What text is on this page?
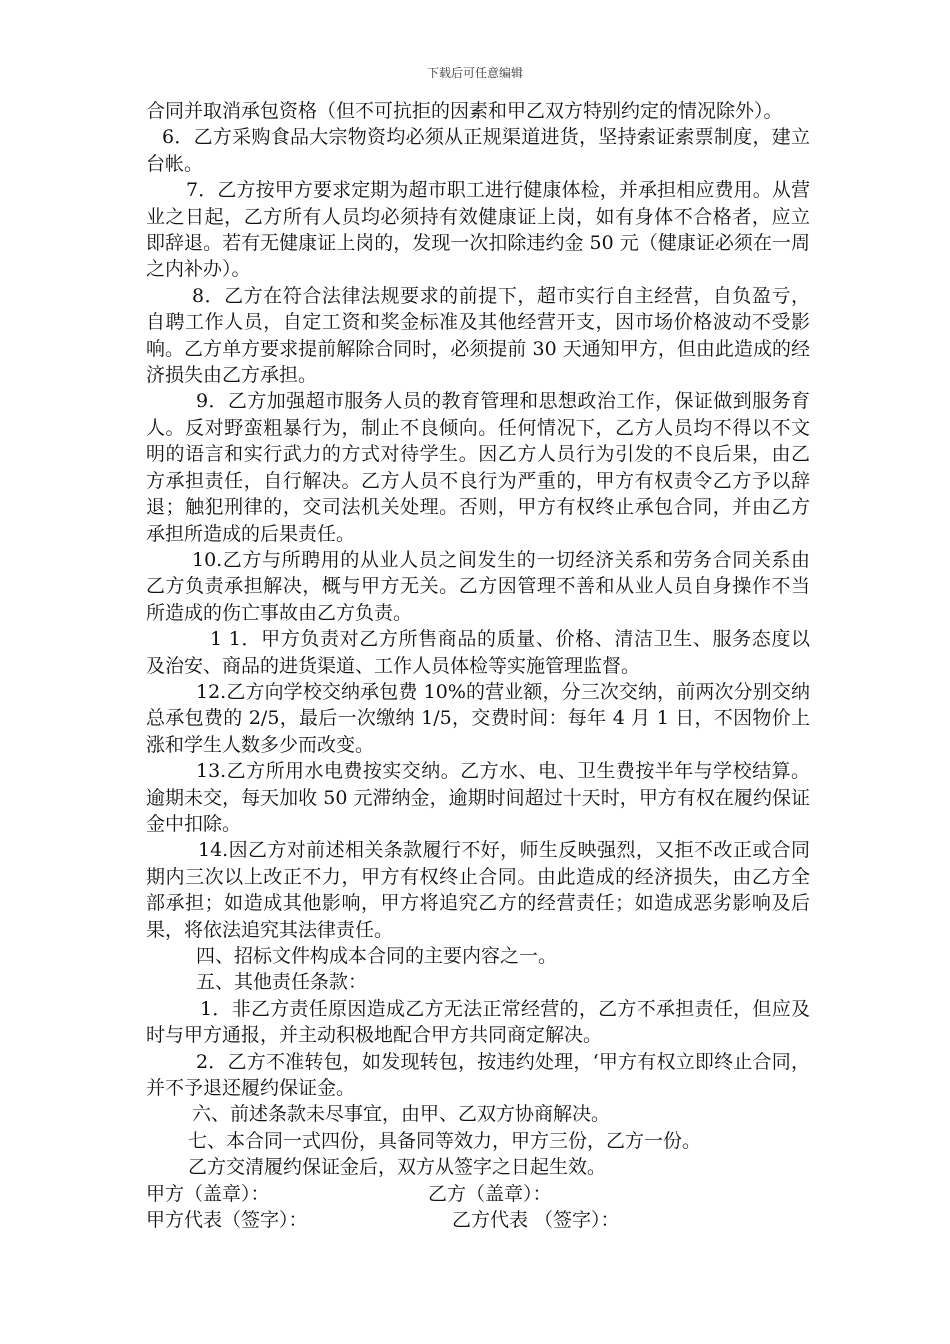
下载后可任意编辑

合同并取消承包资格（但不可抗拒的因素和甲乙双方特别约定的情况除外）。

6．乙方采购食品大宗物资均必须从正规渠道进货，坚持索证索票制度，建立台帐。

7．乙方按甲方要求定期为超市职工进行健康体检，并承担相应费用。从营业之日起，乙方所有人员均必须持有效健康证上岗，如有身体不合格者，应立即辞退。若有无健康证上岗的，发现一次扣除违约金 50 元（健康证必须在一周之内补办）。

8．乙方在符合法律法规要求的前提下，超市实行自主经营，自负盈亏，自聘工作人员，自定工资和奖金标准及其他经营开支，因市场价格波动不受影响。乙方单方要求提前解除合同时，必须提前 30 天通知甲方，但由此造成的经济损失由乙方承担。

9．乙方加强超市服务人员的教育管理和思想政治工作，保证做到服务育人。反对野蛮粗暴行为，制止不良倾向。任何情况下，乙方人员均不得以不文明的语言和实行武力的方式对待学生。因乙方人员行为引发的不良后果，由乙方承担责任，自行解决。乙方人员不良行为严重的，甲方有权责令乙方予以辞退；触犯刑律的，交司法机关处理。否则，甲方有权终止承包合同，并由乙方承担所造成的后果责任。

10.乙方与所聘用的从业人员之间发生的一切经济关系和劳务合同关系由乙方负责承担解决，概与甲方无关。乙方因管理不善和从业人员自身操作不当所造成的伤亡事故由乙方负责。

1 1．甲方负责对乙方所售商品的质量、价格、清洁卫生、服务态度以及治安、商品的进货渠道、工作人员体检等实施管理监督。

12.乙方向学校交纳承包费 10%的营业额，分三次交纳，前两次分别交纳总承包费的 2/5，最后一次缴纳 1/5，交费时间：每年 4 月 1 日，不因物价上涨和学生人数多少而改变。

13.乙方所用水电费按实交纳。乙方水、电、卫生费按半年与学校结算。逾期未交，每天加收 50 元滞纳金，逾期时间超过十天时，甲方有权在履约保证金中扣除。

14.因乙方对前述相关条款履行不好，师生反映强烈，又拒不改正或合同期内三次以上改正不力，甲方有权终止合同。由此造成的经济损失，由乙方全部承担；如造成其他影响，甲方将追究乙方的经营责任；如造成恶劣影响及后果，将依法追究其法律责任。

四、招标文件构成本合同的主要内容之一。

五、其他责任条款：

1．非乙方责任原因造成乙方无法正常经营的，乙方不承担责任，但应及时与甲方通报，并主动积极地配合甲方共同商定解决。

2．乙方不准转包，如发现转包，按违约处理，‘甲方有权立即终止合同，并不予退还履约保证金。

六、前述条款未尽事宜，由甲、乙双方协商解决。

七、本合同一式四份，具备同等效力，甲方三份，乙方一份。

乙方交清履约保证金后，双方从签字之日起生效。

甲方（盖章）：	乙方（盖章）：
甲方代表（签字）：	乙方代表 （签字）：
